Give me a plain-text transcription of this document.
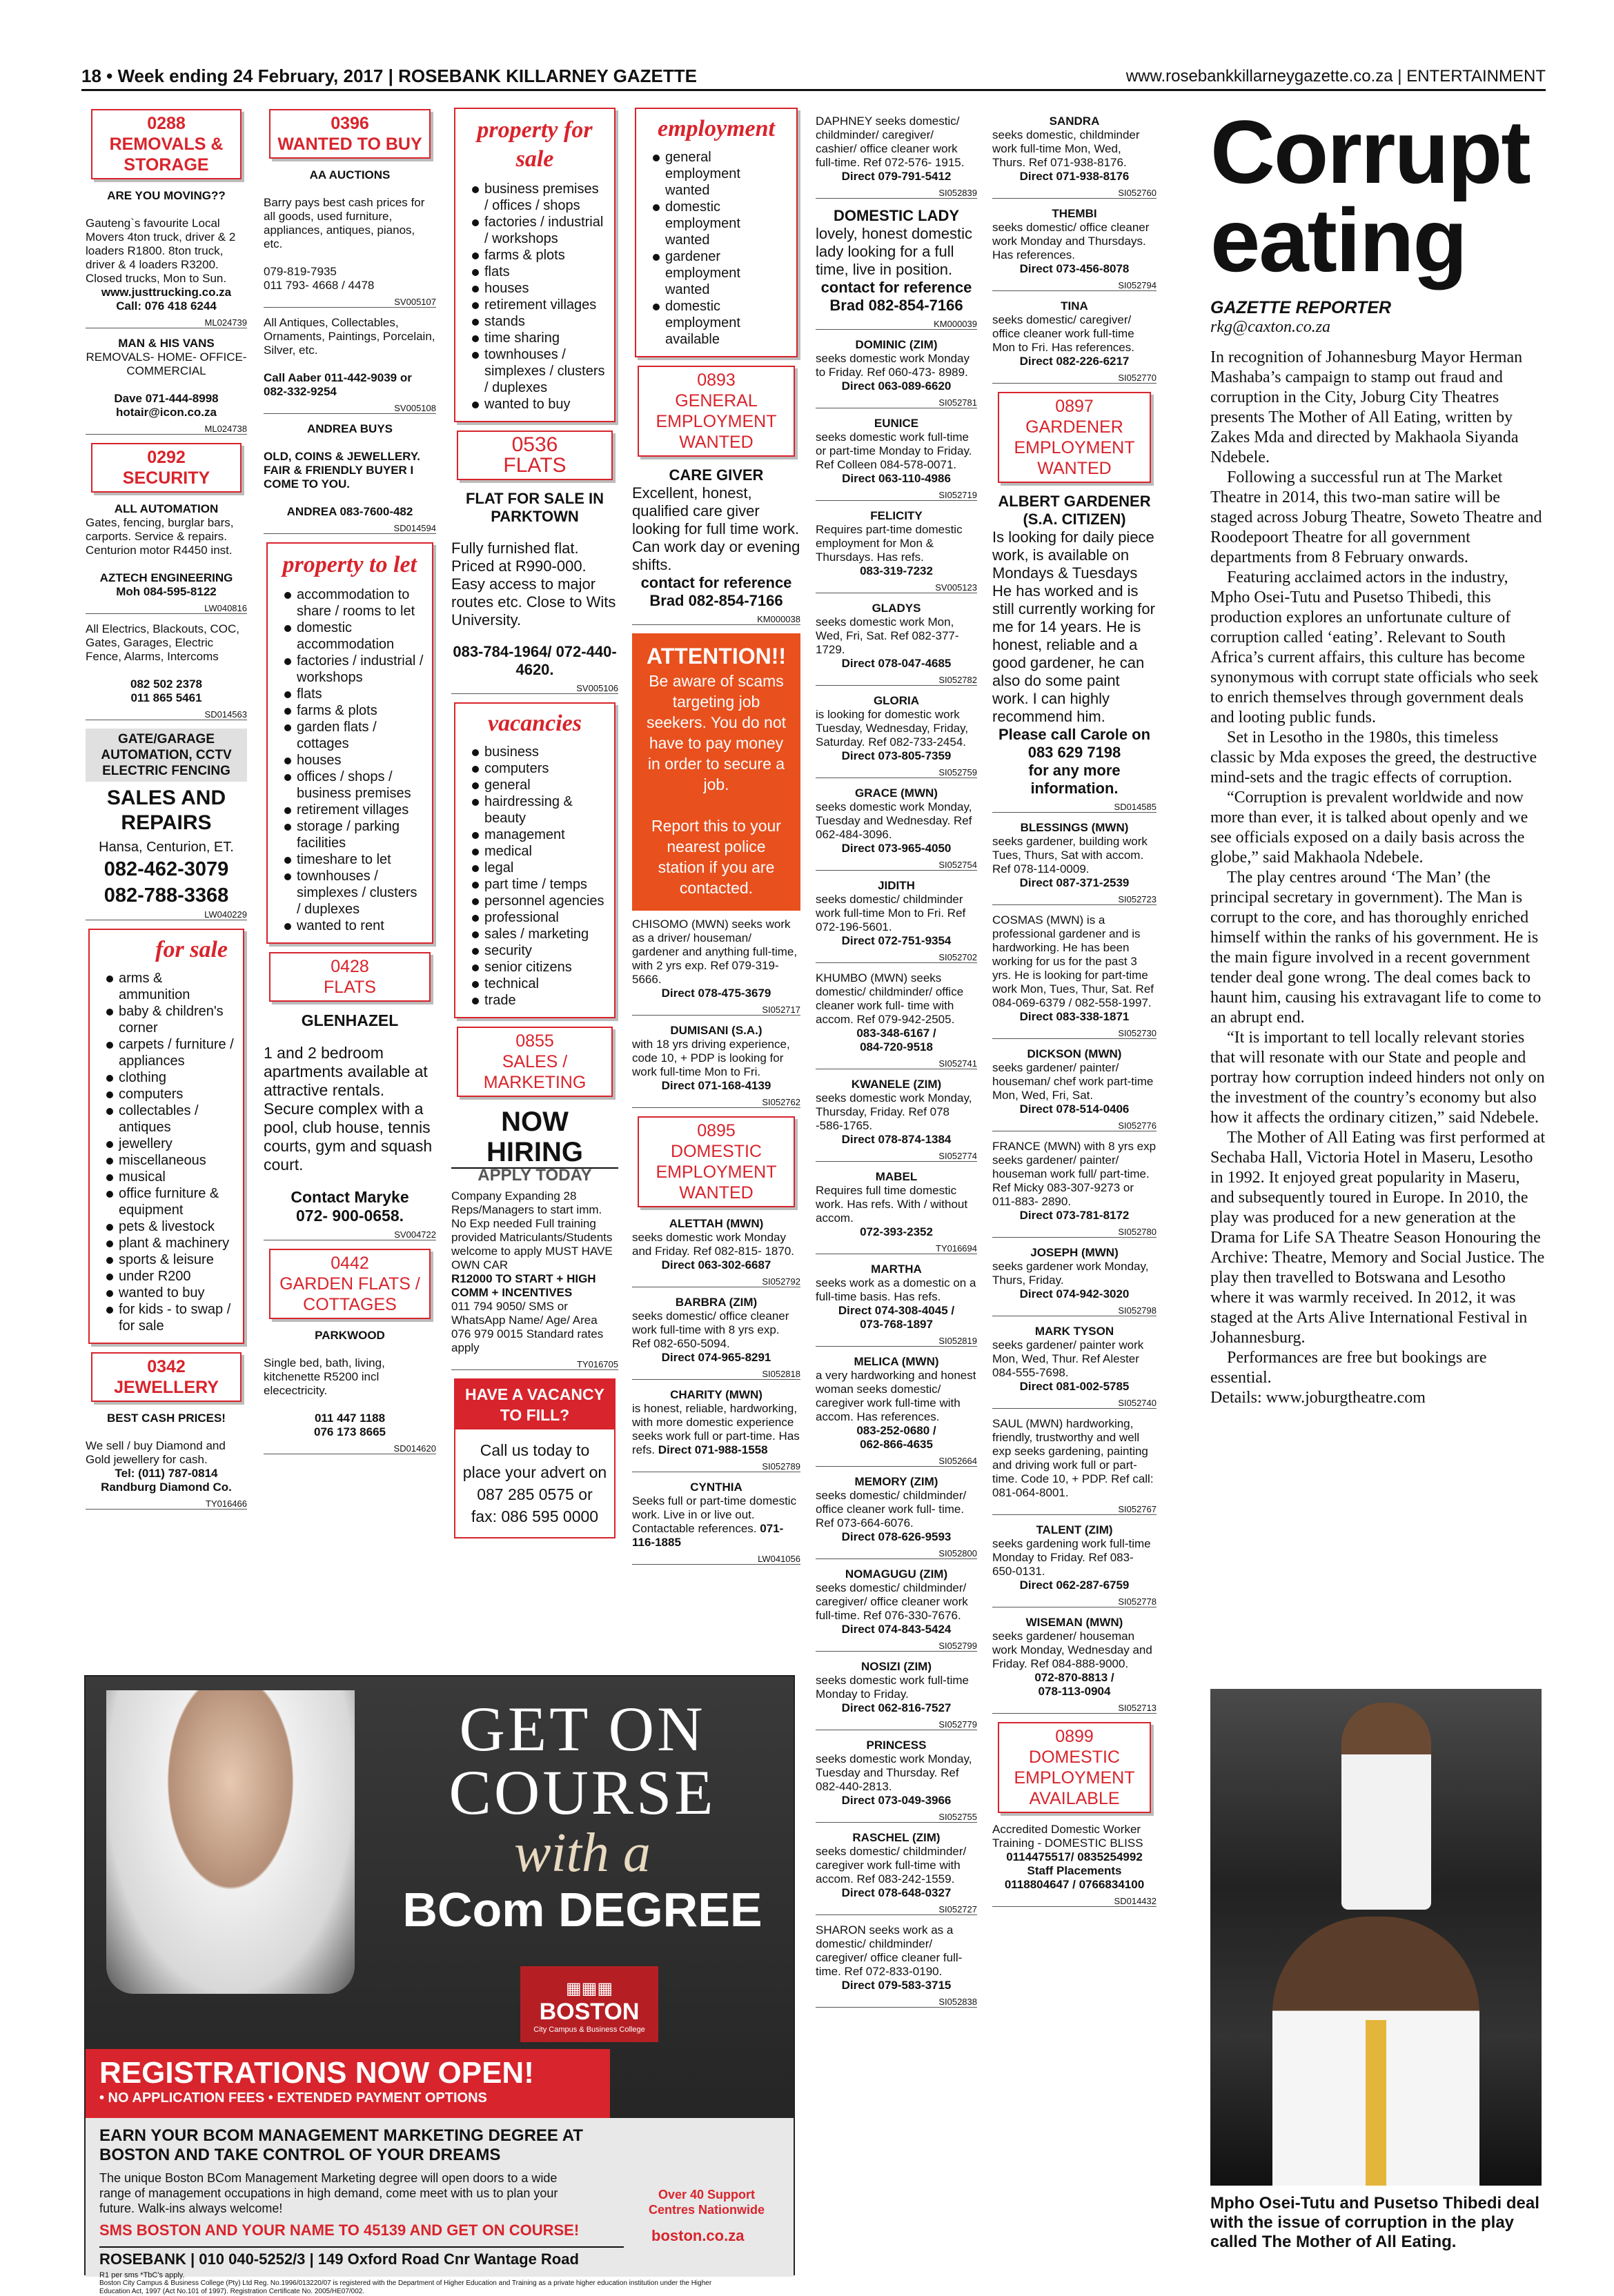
18 • Week ending 24 February, 2017 | ROSEBANK KILLARNEY GAZETTE	www.rosebankkillarneygazette.co.za | ENTERTAINMENT
0288
REMOVALS & STORAGE
ARE YOU MOVING??

Gauteng`s favourite Local Movers 4ton truck, driver & 2 loaders R1800. 8ton truck, driver & 4 loaders R3200. Closed trucks, Mon to Sun.

www.justtrucking.co.za
Call: 076 418 6244
ML024739
MAN & HIS VANS
REMOVALS- HOME- OFFICE- COMMERCIAL

Dave 071-444-8998
hotair@icon.co.za
ML024738
0292
SECURITY
ALL AUTOMATION
Gates, fencing, burglar bars, carports. Service & repairs. Centurion motor R4450 inst.

AZTECH ENGINEERING
Moh 084-595-8122
LW040816
All Electrics, Blackouts, COC, Gates, Garages, Electric Fence, Alarms, Intercoms

082 502 2378
011 865 5461
SD014563
GATE/GARAGE AUTOMATION, CCTV ELECTRIC FENCING
SALES AND REPAIRS
Hansa, Centurion, ET.
082-462-3079
082-788-3368
LW040229
for sale
arms & ammunition
baby & children's corner
carpets / furniture / appliances
clothing
computers
collectables / antiques
jewellery
miscellaneous
musical
office furniture & equipment
pets & livestock
plant & machinery
sports & leisure
under R200
wanted to buy
for kids - to swap / for sale
0342
JEWELLERY
BEST CASH PRICES!

We sell / buy Diamond and Gold jewellery for cash.
Tel: (011) 787-0814
Randburg Diamond Co.
TY016466
0396
WANTED TO BUY
AA AUCTIONS

Barry pays best cash prices for all goods, used furniture, appliances, antiques, pianos, etc.

079-819-7935
011 793- 4668 / 4478
SV005107
All Antiques, Collectables, Ornaments, Paintings, Porcelain, Silver, etc.

Call Aaber 011-442-9039 or 082-332-9254
SV005108
ANDREA BUYS

OLD, COINS & JEWELLERY. FAIR & FRIENDLY BUYER I COME TO YOU.

ANDREA 083-7600-482
SD014594
property to let
accommodation to share / rooms to let
domestic accommodation
factories / industrial / workshops
flats
farms & plots
garden flats / cottages
houses
offices / shops / business premises
retirement villages
storage / parking facilities
timeshare to let
townhouses / simplexes / clusters / duplexes
wanted to rent
0428
FLATS
GLENHAZEL

1 and 2 bedroom apartments available at attractive rentals. Secure complex with a pool, club house, tennis courts, gym and squash court.

Contact Maryke
072- 900-0658.
SV004722
0442
GARDEN FLATS / COTTAGES
PARKWOOD

Single bed, bath, living, kitchenette R5200 incl elecectricity.

011 447 1188
076 173 8665
SD014620
property for sale
business premises / offices / shops
factories / industrial / workshops
farms & plots
flats
houses
retirement villages
stands
time sharing
townhouses / simplexes / clusters / duplexes
wanted to buy
0536
FLATS
FLAT FOR SALE IN PARKTOWN

Fully furnished flat. Priced at R990-000. Easy access to major routes etc. Close to Wits University.

083-784-1964/ 072-440-4620.
SV005106
vacancies
business
computers
general
hairdressing & beauty
management
medical
legal
part time / temps
personnel agencies
professional
sales / marketing
security
senior citizens
technical
trade
0855
SALES / MARKETING
NOW HIRING
APPLY TODAY
Company Expanding 28 Reps/Managers to start imm. No Exp needed Full training provided Matriculants/Students welcome to apply MUST HAVE OWN CAR
R12000 TO START + HIGH COMM + INCENTIVES
011 794 9050/ SMS or WhatsApp Name/ Age/ Area 076 979 0015 Standard rates apply
TY016705
HAVE A VACANCY TO FILL?
Call us today to place your advert on 087 285 0575 or fax: 086 595 0000
employment
general employment wanted
domestic employment wanted
gardener employment wanted
domestic employment available
0893
GENERAL EMPLOYMENT WANTED
CARE GIVER
Excellent, honest, qualified care giver looking for full time work. Can work day or evening shifts.
contact for reference
Brad 082-854-7166
KM000038
ATTENTION!!
Be aware of scams targeting job seekers. You do not have to pay money in order to secure a job.

Report this to your nearest police station if you are contacted.
CHISOMO (MWN) seeks work as a driver/ houseman/ gardener and anything full-time, with 2 yrs exp. Ref 079-319-5666.
Direct 078-475-3679
SI052717
DUMISANI (S.A.)
with 18 yrs driving experience, code 10, + PDP is looking for work full-time Mon to Fri.
Direct 071-168-4139
SI052762
0895
DOMESTIC EMPLOYMENT WANTED
ALETTAH (MWN)
seeks domestic work Monday and Friday. Ref 082-815- 1870.
Direct 063-302-6687
SI052792
BARBRA (ZIM)
seeks domestic/ office cleaner work full-time with 8 yrs exp. Ref 082-650-5094.
Direct 074-965-8291
SI052818
CHARITY (MWN)
is honest, reliable, hardworking, with more domestic experience seeks work full or part-time. Has refs. Direct 071-988-1558
SI052789
CYNTHIA
Seeks full or part-time domestic work. Live in or live out. Contactable references. 071-116-1885
LW041056
DAPHNEY seeks domestic/ childminder/ caregiver/ cashier/ office cleaner work full-time. Ref 072-576- 1915.
Direct 079-791-5412
SI052839
DOMESTIC LADY
lovely, honest domestic lady looking for a full time, live in position.
contact for reference
Brad 082-854-7166
KM000039
DOMINIC (ZIM)
seeks domestic work Monday to Friday. Ref 060-473- 8989.
Direct 063-089-6620
SI052781
EUNICE
seeks domestic work full-time or part-time Monday to Friday. Ref Colleen 084-578-0071.
Direct 063-110-4986
SI052719
FELICITY
Requires part-time domestic employment for Mon & Thursdays. Has refs.
083-319-7232
SV005123
GLADYS
seeks domestic work Mon, Wed, Fri, Sat. Ref 082-377- 1729.
Direct 078-047-4685
SI052782
GLORIA
is looking for domestic work Tuesday, Wednesday, Friday, Saturday. Ref 082-733-2454.
Direct 073-805-7359
SI052759
GRACE (MWN)
seeks domestic work Monday, Tuesday and Wednesday. Ref 062-484-3096.
Direct 073-965-4050
SI052754
JIDITH
seeks domestic/ childminder work full-time Mon to Fri. Ref 072-196-5601.
Direct 072-751-9354
SI052702
KHUMBO (MWN) seeks domestic/ childminder/ office cleaner work full- time with accom. Ref 079-942-2505.
083-348-6167 /
084-720-9518
SI052741
KWANELE (ZIM)
seeks domestic work Monday, Thursday, Friday. Ref 078 -586-1765.
Direct 078-874-1384
SI052774
MABEL
Requires full time domestic work. Has refs. With / without accom.
072-393-2352
TY016694
MARTHA
seeks work as a domestic on a full-time basis. Has refs.
Direct 074-308-4045 /
073-768-1897
SI052819
MELICA (MWN)
a very hardworking and honest woman seeks domestic/ caregiver work full-time with accom. Has references.
083-252-0680 /
062-866-4635
SI052664
MEMORY (ZIM)
seeks domestic/ childminder/ office cleaner work full- time. Ref 073-664-6076.
Direct 078-626-9593
SI052800
NOMAGUGU (ZIM)
seeks domestic/ childminder/ caregiver/ office cleaner work full-time. Ref 076-330-7676.
Direct 074-843-5424
SI052799
NOSIZI (ZIM)
seeks domestic work full-time Monday to Friday.
Direct 062-816-7527
SI052779
PRINCESS
seeks domestic work Monday, Tuesday and Thursday. Ref 082-440-2813.
Direct 073-049-3966
SI052755
RASCHEL (ZIM)
seeks domestic/ childminder/ caregiver work full-time with accom. Ref 083-242-1559.
Direct 078-648-0327
SI052727
SHARON seeks work as a domestic/ childminder/ caregiver/ office cleaner full-time. Ref 072-833-0190.
Direct 079-583-3715
SI052838
SANDRA
seeks domestic, childminder work full-time Mon, Wed, Thurs. Ref 071-938-8176.
Direct 071-938-8176
SI052760
THEMBI
seeks domestic/ office cleaner work Monday and Thursdays. Has references.
Direct 073-456-8078
SI052794
TINA
seeks domestic/ caregiver/ office cleaner work full-time Mon to Fri. Has references.
Direct 082-226-6217
SI052770
0897
GARDENER EMPLOYMENT WANTED
ALBERT GARDENER (S.A. CITIZEN)
Is looking for daily piece work, is available on Mondays & Tuesdays He has worked and is still currently working for me for 14 years. He is honest, reliable and a good gardener, he can also do some paint work. I can highly recommend him.
Please call Carole on
083 629 7198
for any more information.
SD014585
BLESSINGS (MWN)
seeks gardener, building work Tues, Thurs, Sat with accom. Ref 078-114-0009.
Direct 087-371-2539
SI052723
COSMAS (MWN) is a professional gardener and is hardworking. He has been working for us for the past 3 yrs. He is looking for part-time work Mon, Tues, Thur, Sat. Ref 084-069-6379 / 082-558-1997.
Direct 083-338-1871
SI052730
DICKSON (MWN)
seeks gardener/ painter/ houseman/ chef work part-time Mon, Wed, Fri, Sat.
Direct 078-514-0406
SI052776
FRANCE (MWN) with 8 yrs exp seeks gardener/ painter/ houseman work full/ part-time. Ref Micky 083-307-9273 or 011-883- 2890.
Direct 073-781-8172
SI052780
JOSEPH (MWN)
seeks gardener work Monday, Thurs, Friday.
Direct 074-942-3020
SI052798
MARK TYSON
seeks gardener/ painter work Mon, Wed, Thur. Ref Alester 084-555-7698.
Direct 081-002-5785
SI052740
SAUL (MWN) hardworking, friendly, trustworthy and well exp seeks gardening, painting and driving work full or part- time. Code 10, + PDP. Ref call: 081-064-8001.
SI052767
TALENT (ZIM)
seeks gardening work full-time Monday to Friday. Ref 083-650-0131.
Direct 062-287-6759
SI052778
WISEMAN (MWN)
seeks gardener/ houseman work Monday, Wednesday and Friday. Ref 084-888-9000.
072-870-8813 /
078-113-0904
SI052713
0899
DOMESTIC EMPLOYMENT AVAILABLE
Accredited Domestic Worker Training - DOMESTIC BLISS
0114475517/ 0835254992
Staff Placements
0118804647 / 0766834100
SD014432
GET ON
COURSE
with a
BCom DEGREE
▦▦▦
BOSTON
City Campus & Business College
REGISTRATIONS NOW OPEN!
• NO APPLICATION FEES • EXTENDED PAYMENT OPTIONS
EARN YOUR BCOM MANAGEMENT MARKETING DEGREE AT BOSTON AND TAKE CONTROL OF YOUR DREAMS
The unique Boston BCom Management Marketing degree will open doors to a wide range of management occupations in high demand, come meet with us to plan your future. Walk-ins always welcome!
SMS BOSTON AND YOUR NAME TO 45139 AND GET ON COURSE!
ROSEBANK | 010 040-5252/3 | 149 Oxford Road Cnr Wantage Road
R1 per sms *TbC's apply.
Boston City Campus & Business College (Pty) Ltd Reg. No.1996/013220/07 is registered with the Department of Higher Education and Training as a private higher education institution under the Higher Education Act, 1997 (Act No.101 of 1997). Registration Certificate No. 2005/HE07/002.
Over 40 Support Centres Nationwide
boston.co.za
Corrupt
eating
GAZETTE REPORTER
rkg@caxton.co.za

In recognition of Johannesburg Mayor Herman Mashaba’s campaign to stamp out fraud and corruption in the City, Joburg City Theatres presents The Mother of All Eating, written by Zakes Mda and directed by Makhaola Siyanda Ndebele.

Following a successful run at The Market Theatre in 2014, this two-man satire will be staged across Joburg Theatre, Soweto Theatre and Roodepoort Theatre for all government departments from 8 February onwards.

Featuring acclaimed actors in the industry, Mpho Osei-Tutu and Pusetso Thibedi, this production explores an unfortunate culture of corruption called ‘eating’. Relevant to South Africa’s current affairs, this culture has become synonymous with corrupt state officials who seek to enrich themselves through government deals and looting public funds.

Set in Lesotho in the 1980s, this timeless classic by Mda exposes the greed, the destructive mind-sets and the tragic effects of corruption.

“Corruption is prevalent worldwide and now more than ever, it is talked about openly and we see officials exposed on a daily basis across the globe,” said Makhaola Ndebele.

The play centres around ‘The Man’ (the principal secretary in government). The Man is corrupt to the core, and has thoroughly enriched himself within the ranks of his government. He is the main figure involved in a recent government tender deal gone wrong. The deal comes back to haunt him, causing his extravagant life to come to an abrupt end.

“It is important to tell locally relevant stories that will resonate with our State and people and portray how corruption indeed hinders not only on the investment of the country’s economy but also how it affects the ordinary citizen,” said Ndebele.

The Mother of All Eating was first performed at Sechaba Hall, Victoria Hotel in Maseru, Lesotho in 1992. It enjoyed great popularity in Maseru, and subsequently toured in Europe. In 2010, the play was produced for a new generation at the Drama for Life SA Theatre Season Honouring the Archive: Theatre, Memory and Social Justice. The play then travelled to Botswana and Lesotho where it was warmly received. In 2012, it was staged at the Arts Alive International Festival in Johannesburg.

Performances are free but bookings are essential.

Details: www.joburgtheatre.com

Mpho Osei-Tutu and Pusetso Thibedi deal with the issue of corruption in the play called The Mother of All Eating.
